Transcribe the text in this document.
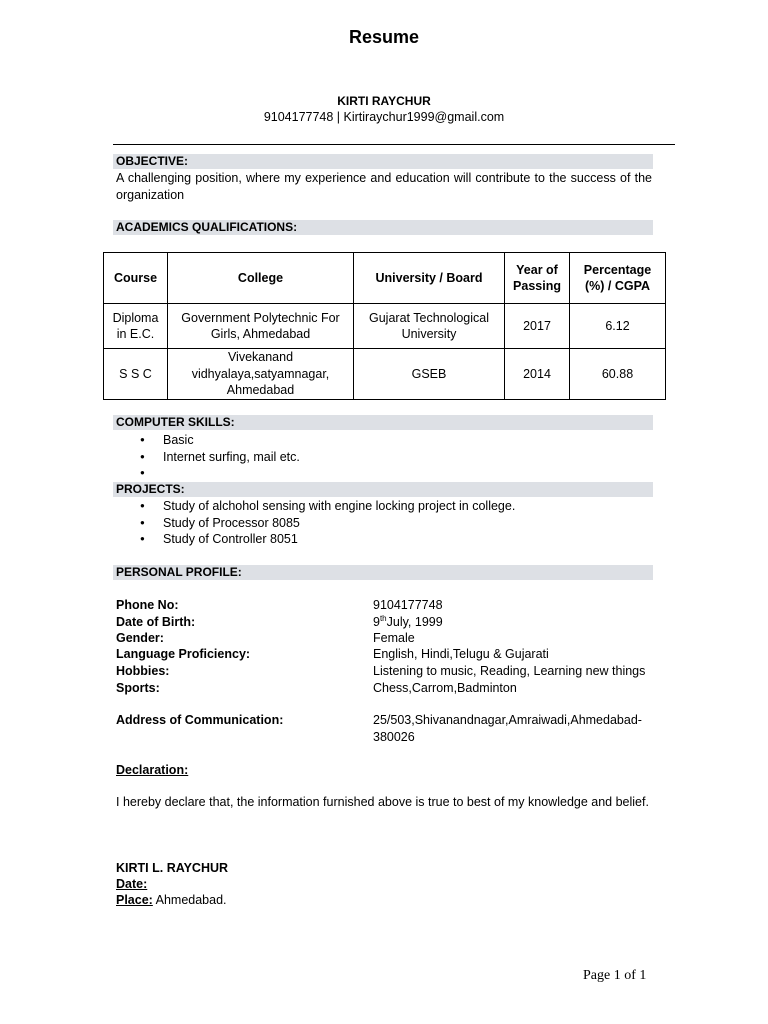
Resume
KIRTI RAYCHUR
9104177748 | Kirtiraychur1999@gmail.com
OBJECTIVE:
A challenging position, where my experience and education will contribute to the success of the organization
ACADEMICS QUALIFICATIONS:
Course	College	University / Board	Year of Passing	Percentage (%) / CGPA
Diploma in E.C.	Government Polytechnic For Girls, Ahmedabad	Gujarat Technological University	2017	6.12
S S C	Vivekanand vidhyalaya,satyamnagar, Ahmedabad	GSEB	2014	60.88
COMPUTER SKILLS:
● Basic
● Internet surfing, mail etc.
●
PROJECTS:
● Study of alchohol sensing with engine locking project in college.
● Study of Processor 8085
● Study of Controller 8051
PERSONAL PROFILE:
Phone No:	9104177748
Date of Birth:	9thJuly, 1999
Gender:	Female
Language Proficiency:	English, Hindi,Telugu & Gujarati
Hobbies:	Listening to music, Reading, Learning new things
Sports:	Chess,Carrom,Badminton
Address of Communication:	25/503,Shivanandnagar,Amraiwadi,Ahmedabad-
380026
Declaration:
I hereby declare that, the information furnished above is true to best of my knowledge and belief.
KIRTI L. RAYCHUR
Date:
Place: Ahmedabad.
Page 1 of 1
